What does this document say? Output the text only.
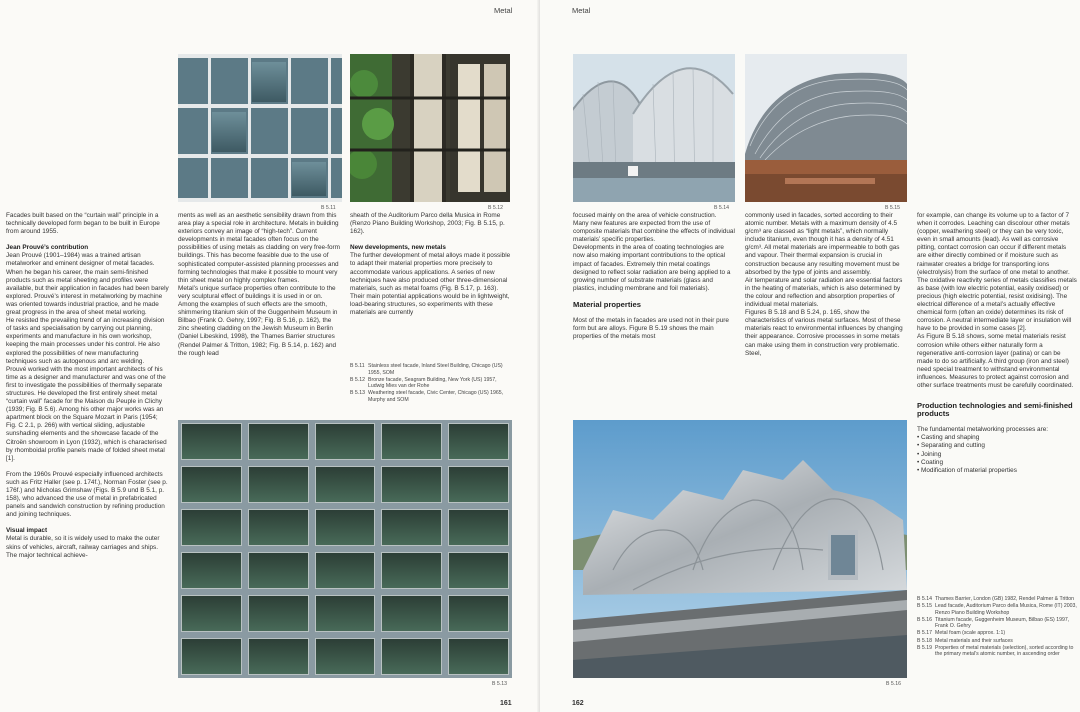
Metal
B 5.11	B 5.12

Facades built based on the “curtain wall” principle in a technically developed form began to be built in Europe from around 1955.

Jean Prouvé’s contribution

Jean Prouvé (1901–1984) was a trained artisan metalworker and eminent designer of metal facades. When he began his career, the main semi-finished products such as metal sheeting and profiles were available, but their application in facades had been barely explored. Prouvé’s interest in metalworking by machine was oriented towards industrial practice, and he made great progress in the area of sheet metal working.

He resisted the prevailing trend of an increasing division of tasks and specialisation by carrying out planning, experiments and manufacture in his own workshop, keeping the main processes under his control. He also explored the possibilities of new manufacturing techniques such as autogenous and arc welding.

Prouvé worked with the most important architects of his time as a designer and manufacturer and was one of the first to investigate the possibilities of thermally separate structures. He developed the first entirely sheet metal “curtain wall” facade for the Maison du Peuple in Clichy (1939; Fig. B 5.6). Among his other major works was an apartment block on the Square Mozart in Paris (1954; Fig. C 2.1, p. 266) with vertical sliding, adjustable sunshading elements and the showcase facade of the Citroën showroom in Lyon (1932), which is characterised by rhomboidal profile panels made of folded sheet metal [1].

From the 1960s Prouvé especially influenced architects such as Fritz Haller (see p. 174f.), Norman Foster (see p. 176f.) and Nicholas Grimshaw (Figs. B 5.9 und B 5.1, p. 158), who advanced the use of metal in prefabricated panels and sandwich construction by refining production and joining techniques.

Visual impact

Metal is durable, so it is widely used to make the outer skins of vehicles, aircraft, railway carriages and ships. The major technical achieve-

ments as well as an aesthetic sensibility drawn from this area play a special role in architecture. Metals in building exteriors convey an image of “high-tech”. Current developments in metal facades often focus on the possibilities of using metals as cladding on very free-form buildings. This has become feasible due to the use of sophisticated computer-assisted planning processes and forming technologies that make it possible to mount very thin sheet metal on highly complex frames.

Metal’s unique surface properties often contribute to the very sculptural effect of buildings it is used in or on. Among the examples of such effects are the smooth, shimmering titanium skin of the Guggenheim Museum in Bilbao (Frank O. Gehry, 1997; Fig. B 5.16, p. 162), the zinc sheeting cladding on the Jewish Museum in Berlin (Daniel Libeskind, 1998), the Thames Barrier structures (Rendel Palmer & Tritton, 1982; Fig. B 5.14, p. 162) and the rough lead

sheath of the Auditorium Parco della Musica in Rome (Renzo Piano Building Workshop, 2003; Fig. B 5.15, p. 162).

New developments, new metals

The further development of metal alloys made it possible to adapt their material properties more precisely to accommodate various applications. A series of new techniques have also produced other three-dimensional materials, such as metal foams (Fig. B 5.17, p. 163). Their main potential applications would be in lightweight, load-bearing structures, so experiments with these materials are currently

B 5.11 Stainless steel facade, Inland Steel Building, Chicago (US) 1955, SOM
B 5.12 Bronze facade, Seagram Building, New York (US) 1957, Ludwig Mies van der Rohe
B 5.13 Weathering steel facade, Civic Center, Chicago (US) 1965, Murphy and SOM
B 5.13
161
Metal
B 5.14	B 5.15

focused mainly on the area of vehicle construction.

Many new features are expected from the use of composite materials that combine the effects of individual materials’ specific properties.

Developments in the area of coating technologies are now also making important contributions to the optical impact of facades. Extremely thin metal coatings designed to reflect solar radiation are being applied to a growing number of substrate materials (glass and plastics, including membrane and foil materials).

Material properties

Most of the metals in facades are used not in their pure form but are alloys. Figure B 5.19 shows the main properties of the metals most

commonly used in facades, sorted according to their atomic number. Metals with a maximum density of 4.5 g/cm³ are classed as “light metals”, which normally include titanium, even though it has a density of 4.51 g/cm³. All metal materials are impermeable to both gas and vapour. Their thermal expansion is crucial in construction because any resulting movement must be absorbed by the type of joints and assembly.

Air temperature and solar radiation are essential factors in the heating of materials, which is also determined by the colour and reflection and absorption properties of individual metal materials.

Figures B 5.18 and B 5.24, p. 165, show the characteristics of various metal surfaces. Most of these materials react to environmental influences by changing their appearance. Corrosive processes in some metals can make using them in construction very problematic. Steel,

for example, can change its volume up to a factor of 7 when it corrodes. Leaching can discolour other metals (copper, weathering steel) or they can be very toxic, even in small amounts (lead). As well as corrosive pitting, contact corrosion can occur if different metals are either directly combined or if moisture such as rainwater creates a bridge for transporting ions (electrolysis) from the surface of one metal to another. The oxidative reactivity series of metals classifies metals as base (with low electric potential, easily oxidised) or precious (high electric potential, resist oxidising). The electrical difference of a metal’s actually effective chemical form (often an oxide) determines its risk of corrosion. A neutral intermediate layer or insulation will have to be provided in some cases [2].

As Figure B 5.18 shows, some metal materials resist corrosion while others either naturally form a regenerative anti-corrosion layer (patina) or can be made to do so artificially. A third group (iron and steel) need special treatment to withstand environmental influences. Measures to protect against corrosion and other surface treatments must be carefully coordinated.

Production technologies and semi-finished products

The fundamental metalworking processes are:

• Casting and shaping
• Separating and cutting
• Joining
• Coating
• Modification of material properties
B 5.16
B 5.14 Thames Barrier, London (GB) 1982, Rendel Palmer & Tritton
B 5.15 Lead facade, Auditorium Parco della Musica, Rome (IT) 2003, Renzo Piano Building Workshop
B 5.16 Titanium facade, Guggenheim Museum, Bilbao (ES) 1997, Frank O. Gehry
B 5.17 Metal foam (scale approx. 1:1)
B 5.18 Metal materials and their surfaces
B 5.19 Properties of metal materials (selection), sorted according to the primary metal’s atomic number, in ascending order
162
